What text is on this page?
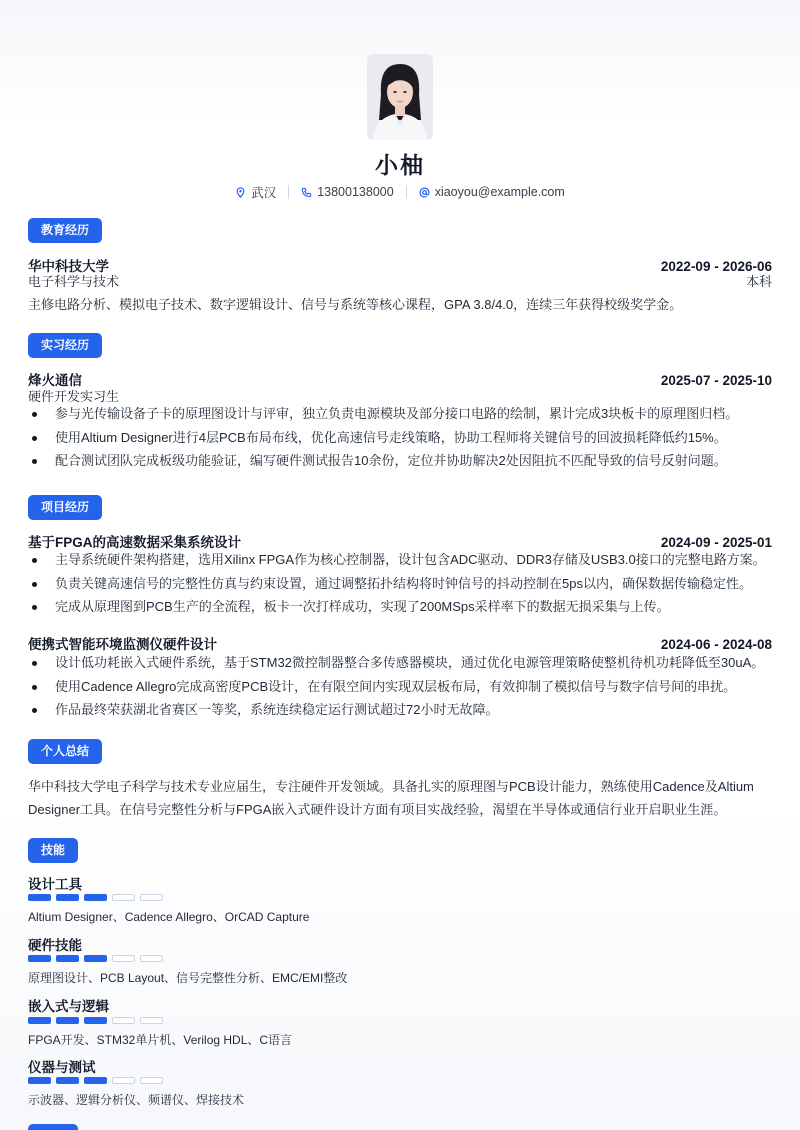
小柚
武汉	13800138000	xiaoyou@example.com
教育经历
华中科技大学	2022-09 - 2026-06
电子科学与技术	本科
主修电路分析、模拟电子技术、数字逻辑设计、信号与系统等核心课程，GPA 3.8/4.0，连续三年获得校级奖学金。
实习经历
烽火通信	2025-07 - 2025-10
硬件开发实习生
参与光传输设备子卡的原理图设计与评审，独立负责电源模块及部分接口电路的绘制，累计完成3块板卡的原理图归档。
使用Altium Designer进行4层PCB布局布线，优化高速信号走线策略，协助工程师将关键信号的回波损耗降低约15%。
配合测试团队完成板级功能验证，编写硬件测试报告10余份，定位并协助解决2处因阻抗不匹配导致的信号反射问题。
项目经历
基于FPGA的高速数据采集系统设计	2024-09 - 2025-01
主导系统硬件架构搭建，选用Xilinx FPGA作为核心控制器，设计包含ADC驱动、DDR3存储及USB3.0接口的完整电路方案。
负责关键高速信号的完整性仿真与约束设置，通过调整拓扑结构将时钟信号的抖动控制在5ps以内，确保数据传输稳定性。
完成从原理图到PCB生产的全流程，板卡一次打样成功，实现了200MSps采样率下的数据无损采集与上传。
便携式智能环境监测仪硬件设计	2024-06 - 2024-08
设计低功耗嵌入式硬件系统，基于STM32微控制器整合多传感器模块，通过优化电源管理策略使整机待机功耗降低至30uA。
使用Cadence Allegro完成高密度PCB设计，在有限空间内实现双层板布局，有效抑制了模拟信号与数字信号间的串扰。
作品最终荣获湖北省赛区一等奖，系统连续稳定运行测试超过72小时无故障。
个人总结
华中科技大学电子科学与技术专业应届生，专注硬件开发领域。具备扎实的原理图与PCB设计能力，熟练使用Cadence及Altium
Designer工具。在信号完整性分析与FPGA嵌入式硬件设计方面有项目实战经验，渴望在半导体或通信行业开启职业生涯。
技能
设计工具
Altium Designer、Cadence Allegro、OrCAD Capture
硬件技能
原理图设计、PCB Layout、信号完整性分析、EMC/EMI整改
嵌入式与逻辑
FPGA开发、STM32单片机、Verilog HDL、C语言
仪器与测试
示波器、逻辑分析仪、频谱仪、焊接技术
